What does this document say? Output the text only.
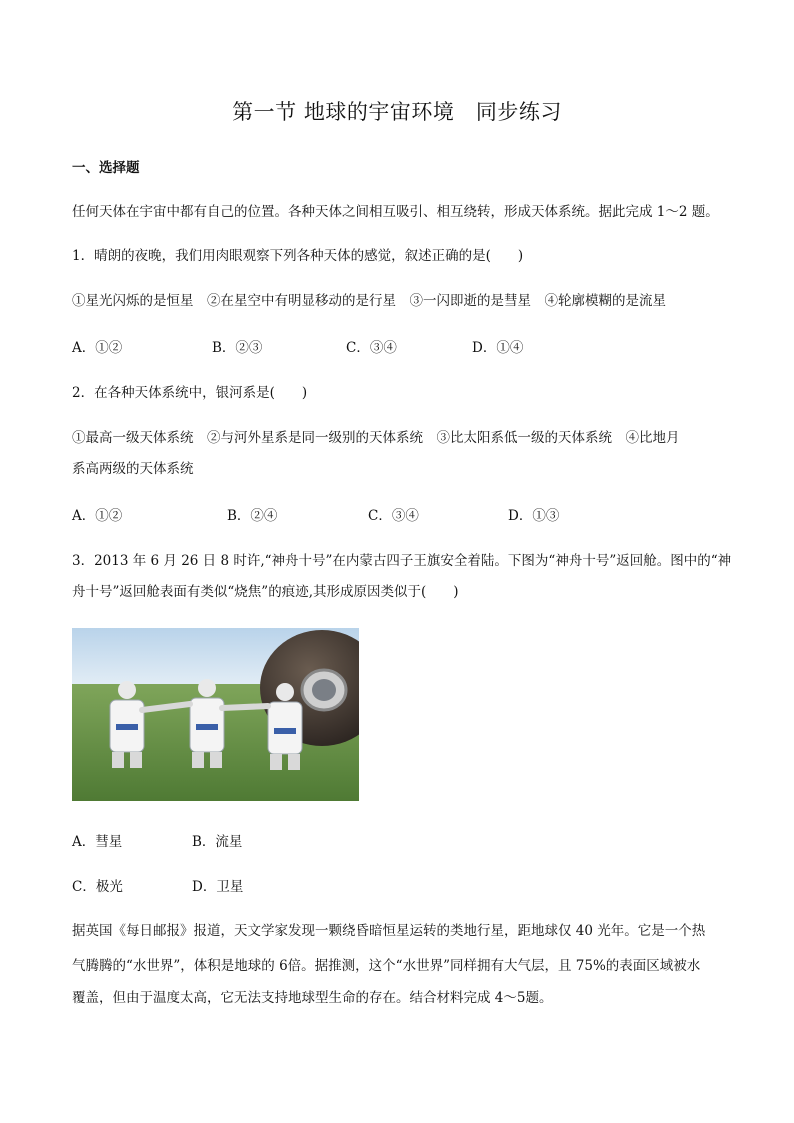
第一节 地球的宇宙环境　同步练习
一、选择题
任何天体在宇宙中都有自己的位置。各种天体之间相互吸引、相互绕转，形成天体系统。据此完成 1～2 题。
1．晴朗的夜晚，我们用肉眼观察下列各种天体的感觉，叙述正确的是(　　)
①星光闪烁的是恒星　②在星空中有明显移动的是行星　③一闪即逝的是彗星　④轮廓模糊的是流星
A．①②	B．②③	C．③④	D．①④
2．在各种天体系统中，银河系是(　　)
①最高一级天体系统　②与河外星系是同一级别的天体系统　③比太阳系低一级的天体系统　④比地月
系高两级的天体系统
A．①②	B．②④	C．③④	D．①③
3．2013 年 6 月 26 日 8 时许,“神舟十号”在内蒙古四子王旗安全着陆。下图为“神舟十号”返回舱。图中的“神
舟十号”返回舱表面有类似“烧焦”的痕迹,其形成原因类似于(　　)
A．彗星	B．流星
C．极光	D．卫星
据英国《每日邮报》报道，天文学家发现一颗绕昏暗恒星运转的类地行星，距地球仅 40 光年。它是一个热
气腾腾的“水世界”，体积是地球的 6倍。据推测，这个“水世界”同样拥有大气层，且 75%的表面区域被水
覆盖，但由于温度太高，它无法支持地球型生命的存在。结合材料完成 4～5题。
